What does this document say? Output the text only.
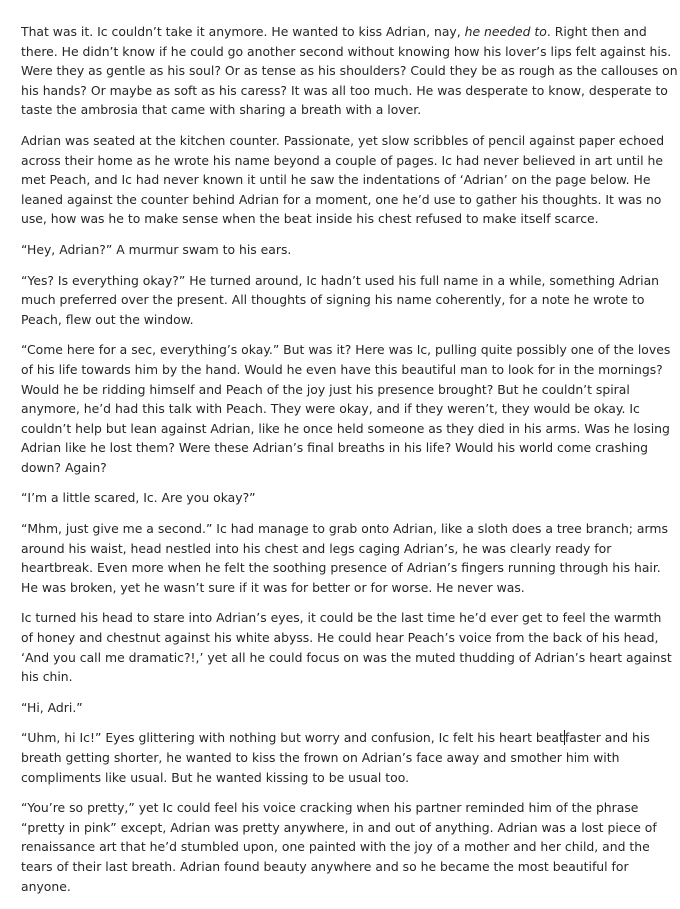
That was it. Ic couldn’t take it anymore. He wanted to kiss Adrian, nay, he needed to. Right then and
there. He didn’t know if he could go another second without knowing how his lover’s lips felt against his.
Were they as gentle as his soul? Or as tense as his shoulders? Could they be as rough as the callouses on
his hands? Or maybe as soft as his caress? It was all too much. He was desperate to know, desperate to
taste the ambrosia that came with sharing a breath with a lover.

Adrian was seated at the kitchen counter. Passionate, yet slow scribbles of pencil against paper echoed
across their home as he wrote his name beyond a couple of pages. Ic had never believed in art until he
met Peach, and Ic had never known it until he saw the indentations of ‘Adrian’ on the page below. He
leaned against the counter behind Adrian for a moment, one he’d use to gather his thoughts. It was no
use, how was he to make sense when the beat inside his chest refused to make itself scarce.

“Hey, Adrian?” A murmur swam to his ears.

“Yes? Is everything okay?” He turned around, Ic hadn’t used his full name in a while, something Adrian
much preferred over the present. All thoughts of signing his name coherently, for a note he wrote to
Peach, flew out the window.

“Come here for a sec, everything’s okay.” But was it? Here was Ic, pulling quite possibly one of the loves
of his life towards him by the hand. Would he even have this beautiful man to look for in the mornings?
Would he be ridding himself and Peach of the joy just his presence brought? But he couldn’t spiral
anymore, he’d had this talk with Peach. They were okay, and if they weren’t, they would be okay. Ic
couldn’t help but lean against Adrian, like he once held someone as they died in his arms. Was he losing
Adrian like he lost them? Were these Adrian’s final breaths in his life? Would his world come crashing
down? Again?

“I’m a little scared, Ic. Are you okay?”

“Mhm, just give me a second.” Ic had manage to grab onto Adrian, like a sloth does a tree branch; arms
around his waist, head nestled into his chest and legs caging Adrian’s, he was clearly ready for
heartbreak. Even more when he felt the soothing presence of Adrian’s fingers running through his hair.
He was broken, yet he wasn’t sure if it was for better or for worse. He never was.

Ic turned his head to stare into Adrian’s eyes, it could be the last time he’d ever get to feel the warmth
of honey and chestnut against his white abyss. He could hear Peach’s voice from the back of his head,
‘And you call me dramatic?!,’ yet all he could focus on was the muted thudding of Adrian’s heart against
his chin.

“Hi, Adri.”

“Uhm, hi Ic!” Eyes glittering with nothing but worry and confusion, Ic felt his heart beatfaster and his
breath getting shorter, he wanted to kiss the frown on Adrian’s face away and smother him with
compliments like usual. But he wanted kissing to be usual too.

“You’re so pretty,” yet Ic could feel his voice cracking when his partner reminded him of the phrase
“pretty in pink” except, Adrian was pretty anywhere, in and out of anything. Adrian was a lost piece of
renaissance art that he’d stumbled upon, one painted with the joy of a mother and her child, and the
tears of their last breath. Adrian found beauty anywhere and so he became the most beautiful for
anyone.
